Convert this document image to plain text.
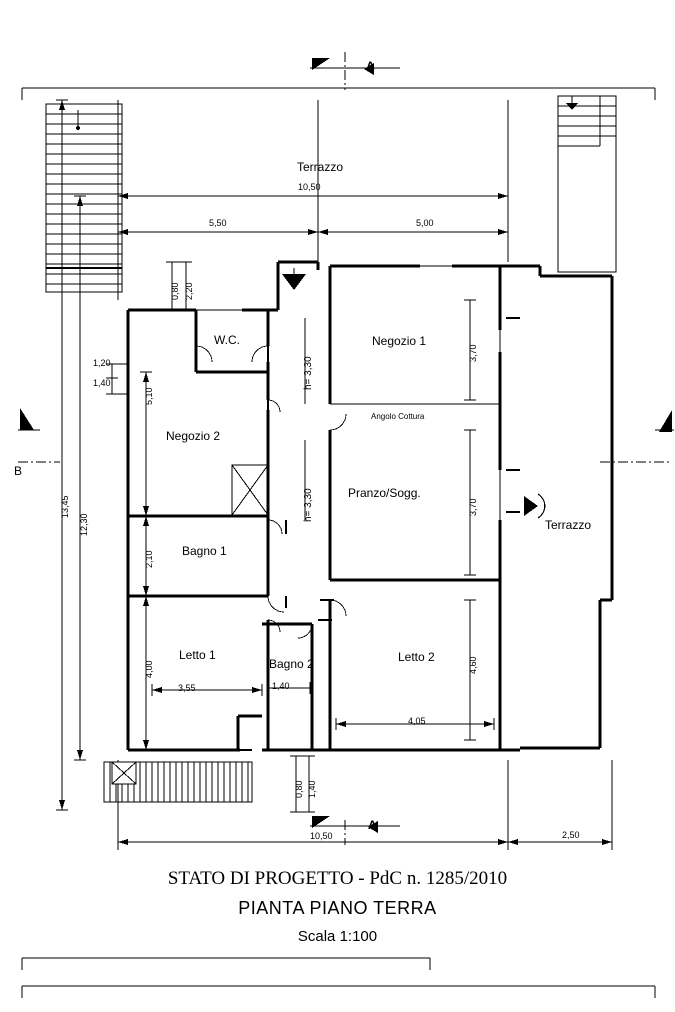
Terrazzo
W.C.	Negozio 1
Negozio 2
Angolo Cottura
Pranzo/Sogg.
Terrazzo
Bagno 1
Letto 1
Bagno 2	Letto 2
10,50
5,50	5,00
3,55	1,40
4,05
10,50	2,50
0,80 2,20
1,20
1,40
5,10
h= 3,30
h= 3,30
3,70
3,70
13,45
12,30
2,10
4,00	4,60
0,80 1,40
B
A
A
STATO DI PROGETTO - PdC n. 1285/2010
PIANTA PIANO TERRA
Scala 1:100
